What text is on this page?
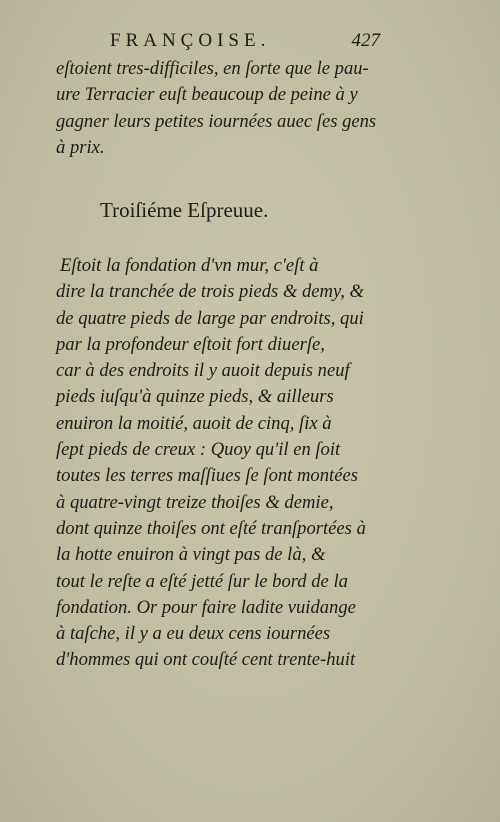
FRANÇOISE.	427
eſtoient tres-difficiles, en ſorte que le pau-
ure Terracier euſt beaucoup de peine à y
gagner leurs petites iournées auec ſes gens
à prix.
Troiſiéme Eſpreuue.
Eſtoit la fondation d'vn mur, c'eſt à
dire la tranchée de trois pieds & demy, &
de quatre pieds de large par endroits, qui
par la profondeur eſtoit fort diuerſe,
car à des endroits il y auoit depuis neuf
pieds iuſqu'à quinze pieds, & ailleurs
enuiron la moitié, auoit de cinq, ſix à
ſept pieds de creux : Quoy qu'il en ſoit
toutes les terres maſſiues ſe ſont montées
à quatre-vingt treize thoiſes & demie,
dont quinze thoiſes ont eſté tranſportées à
la hotte enuiron à vingt pas de là, &
tout le reſte a eſté jetté ſur le bord de la
fondation. Or pour faire ladite vuidange
à taſche, il y a eu deux cens iournées
d'hommes qui ont couſté cent trente-huit
